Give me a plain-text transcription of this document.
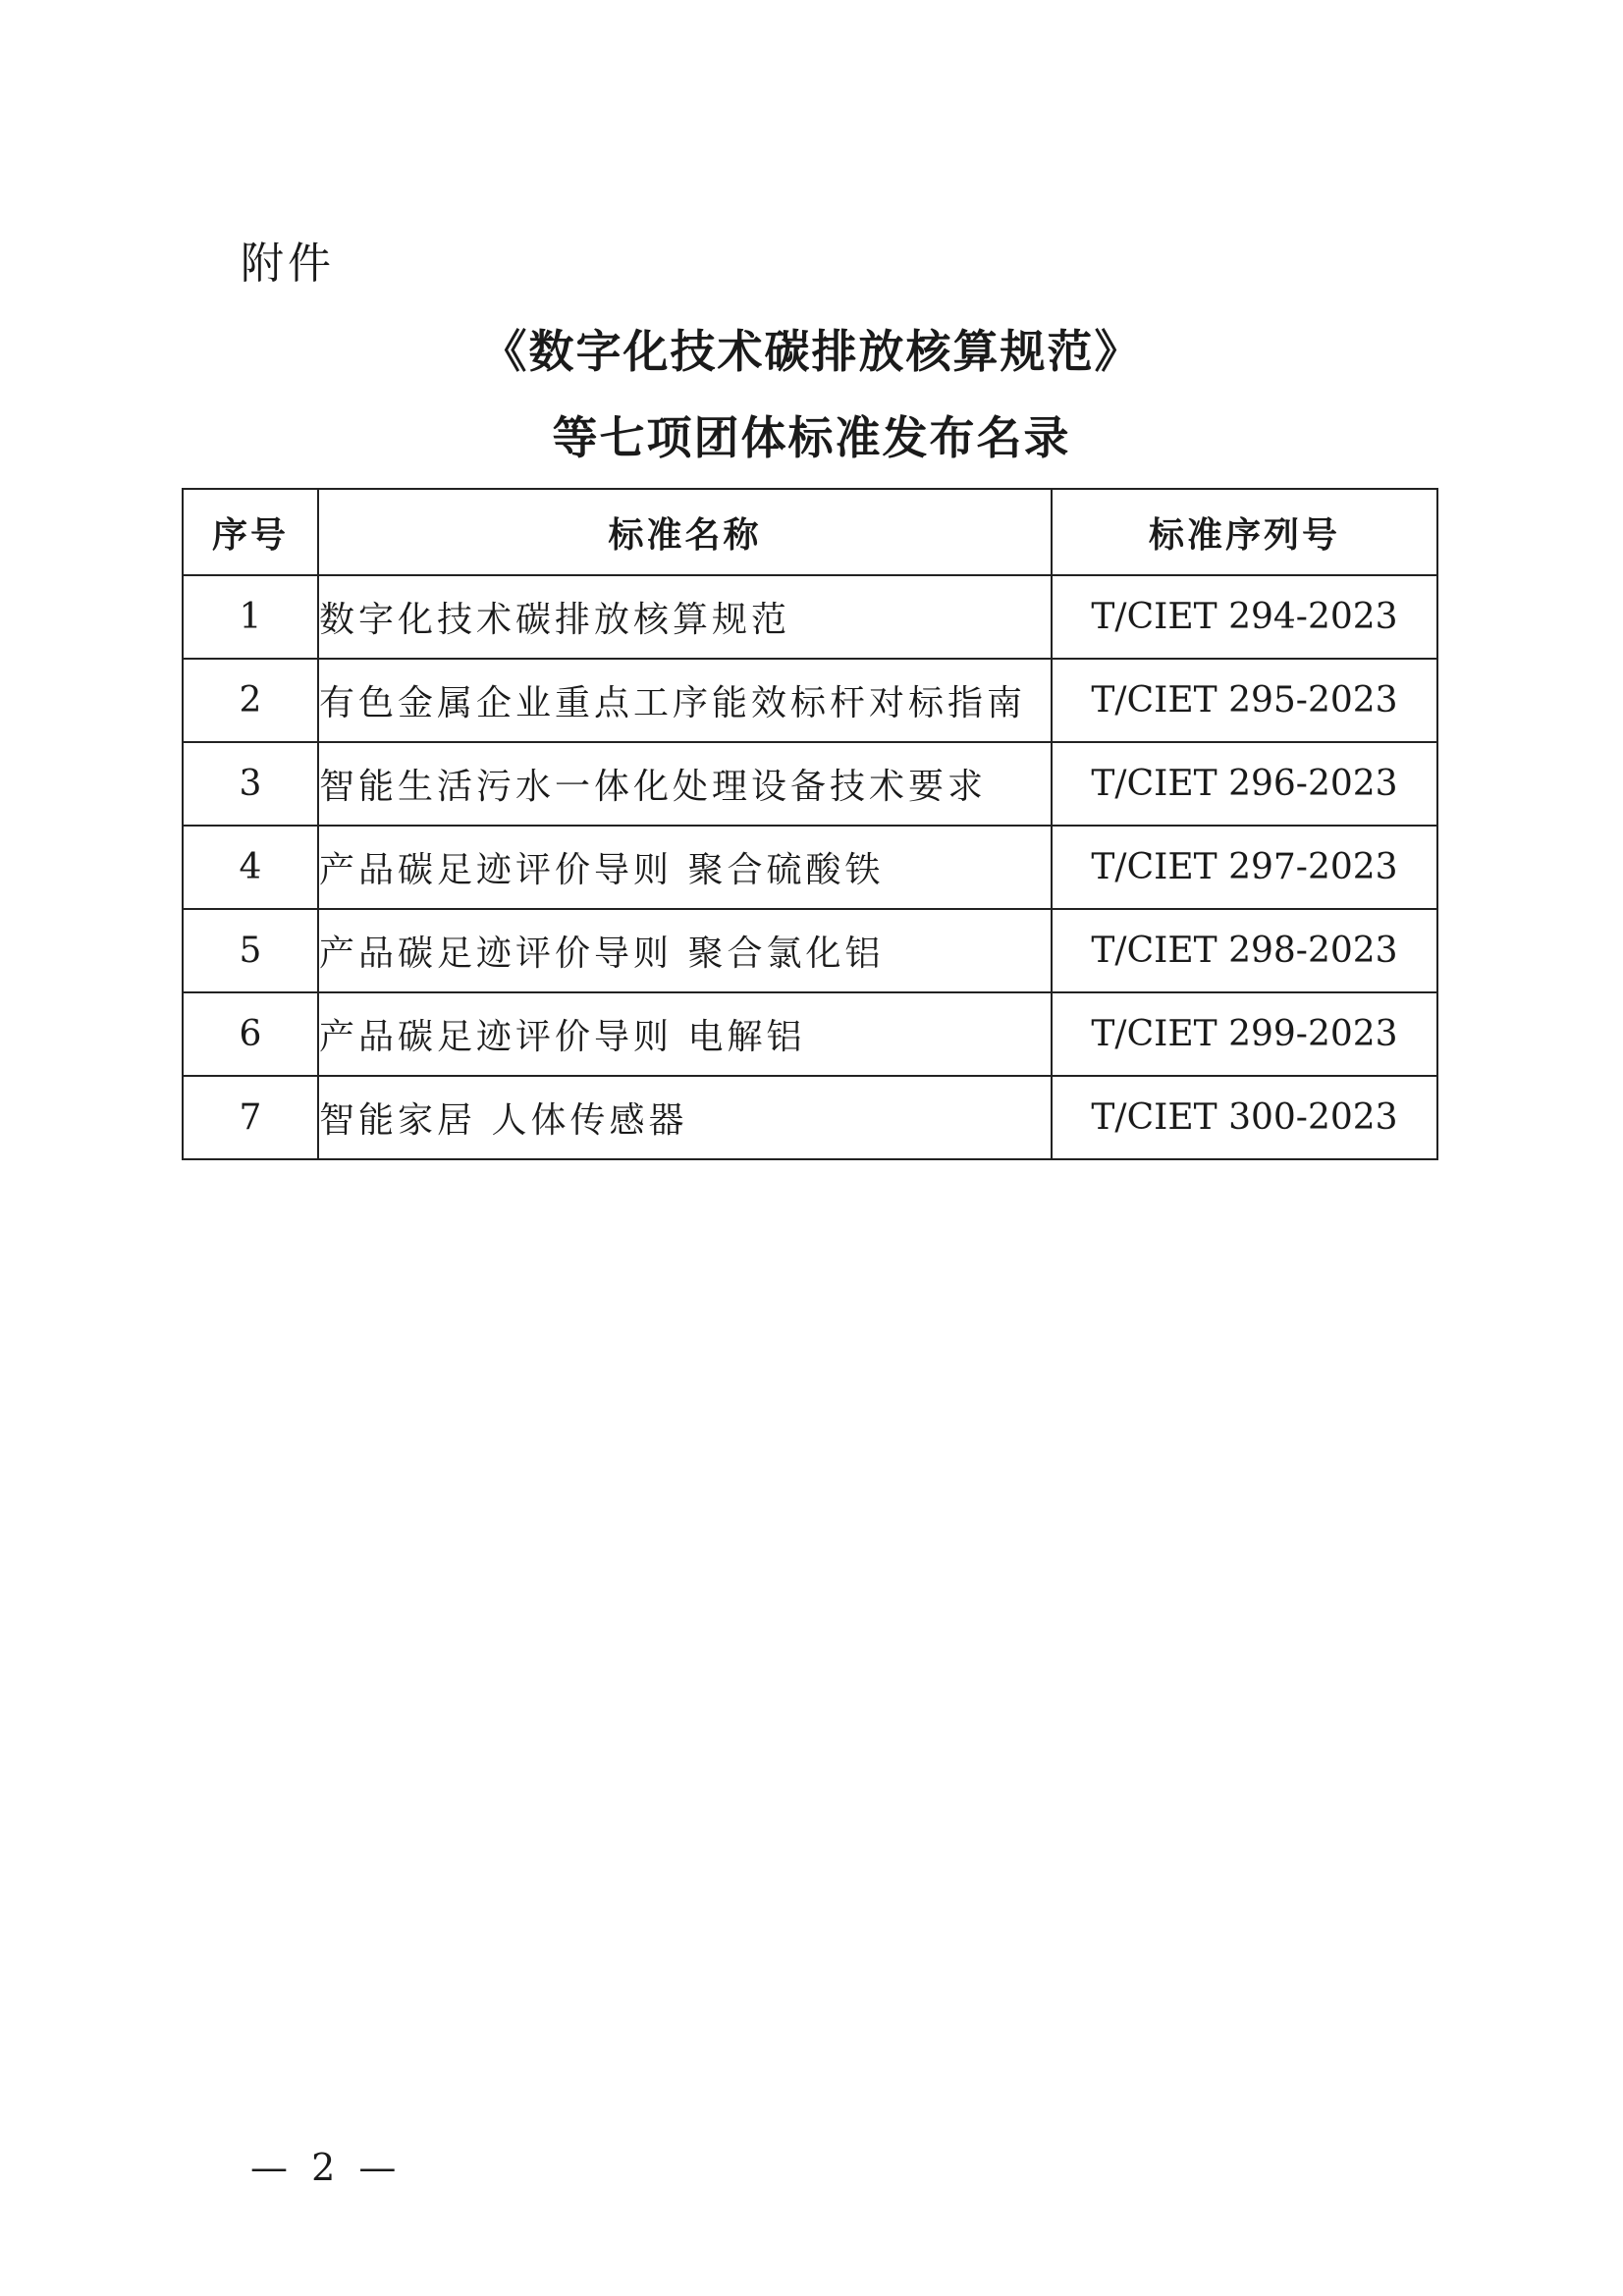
附件
《数字化技术碳排放核算规范》
等七项团体标准发布名录
序号	标准名称	标准序列号
1	数字化技术碳排放核算规范	T/CIET 294-2023
2	有色金属企业重点工序能效标杆对标指南	T/CIET 295-2023
3	智能生活污水一体化处理设备技术要求	T/CIET 296-2023
4	产品碳足迹评价导则 聚合硫酸铁	T/CIET 297-2023
5	产品碳足迹评价导则 聚合氯化铝	T/CIET 298-2023
6	产品碳足迹评价导则 电解铝	T/CIET 299-2023
7	智能家居 人体传感器	T/CIET 300-2023
— 2 —
